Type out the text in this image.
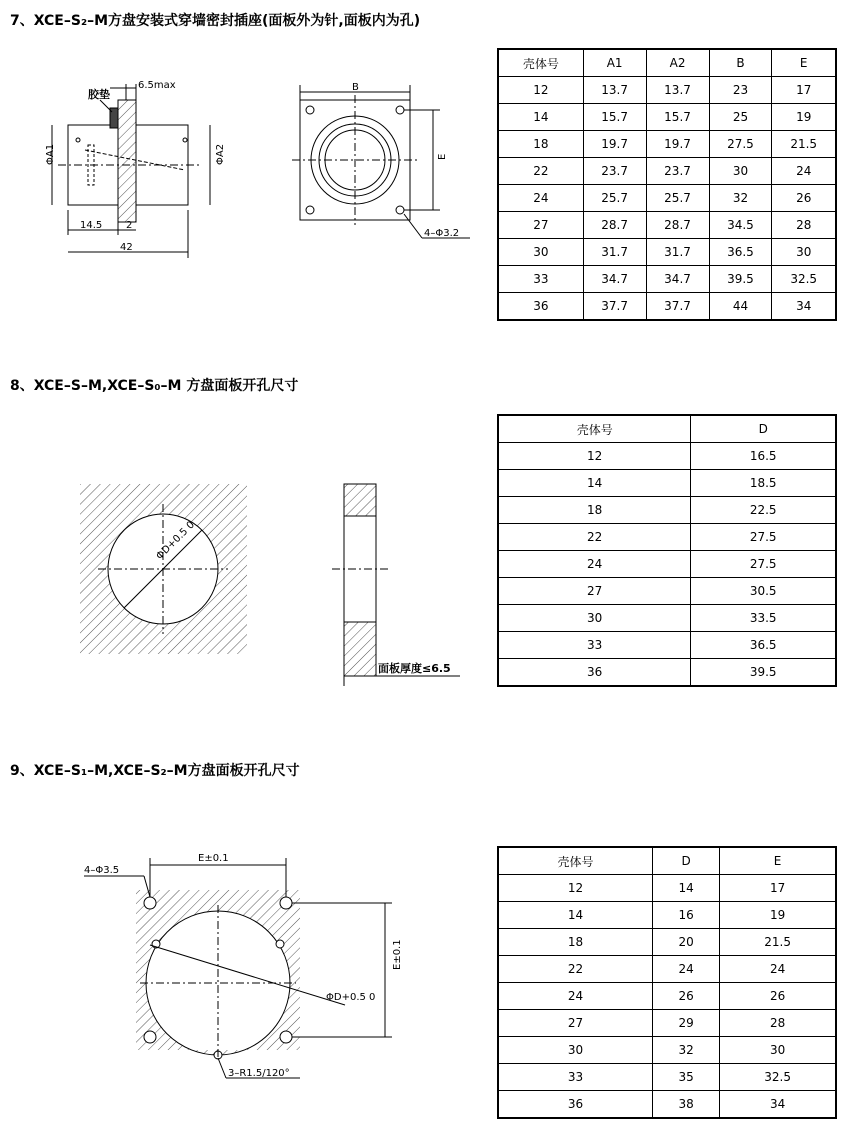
7、XCE–S₂–M方盘安装式穿墙密封插座(面板外为针,面板内为孔)
8、XCE–S–M,XCE–S₀–M 方盘面板开孔尺寸
9、XCE–S₁–M,XCE–S₂–M方盘面板开孔尺寸
壳体号	A1	A2	B	E
12	13.7	13.7	23	17
14	15.7	15.7	25	19
18	19.7	19.7	27.5	21.5
22	23.7	23.7	30	24
24	25.7	25.7	32	26
27	28.7	28.7	34.5	28
30	31.7	31.7	36.5	30
33	34.7	34.7	39.5	32.5
36	37.7	37.7	44	34
壳体号	D
12	16.5
14	18.5
18	22.5
22	27.5
24	27.5
27	30.5
30	33.5
33	36.5
36	39.5
壳体号	D	E
12	14	17
14	16	19
18	20	21.5
22	24	24
24	26	26
27	29	28
30	32	30
33	35	32.5
36	38	34
胶垫
6.5max
ΦA1	ΦA2
14.5 2
42
B
E
4–Φ3.2
ΦD+0.5 0
面板厚度≤6.5
4–Φ3.5
E±0.1
E±0.1
ΦD+0.5 0
3–R1.5/120°
